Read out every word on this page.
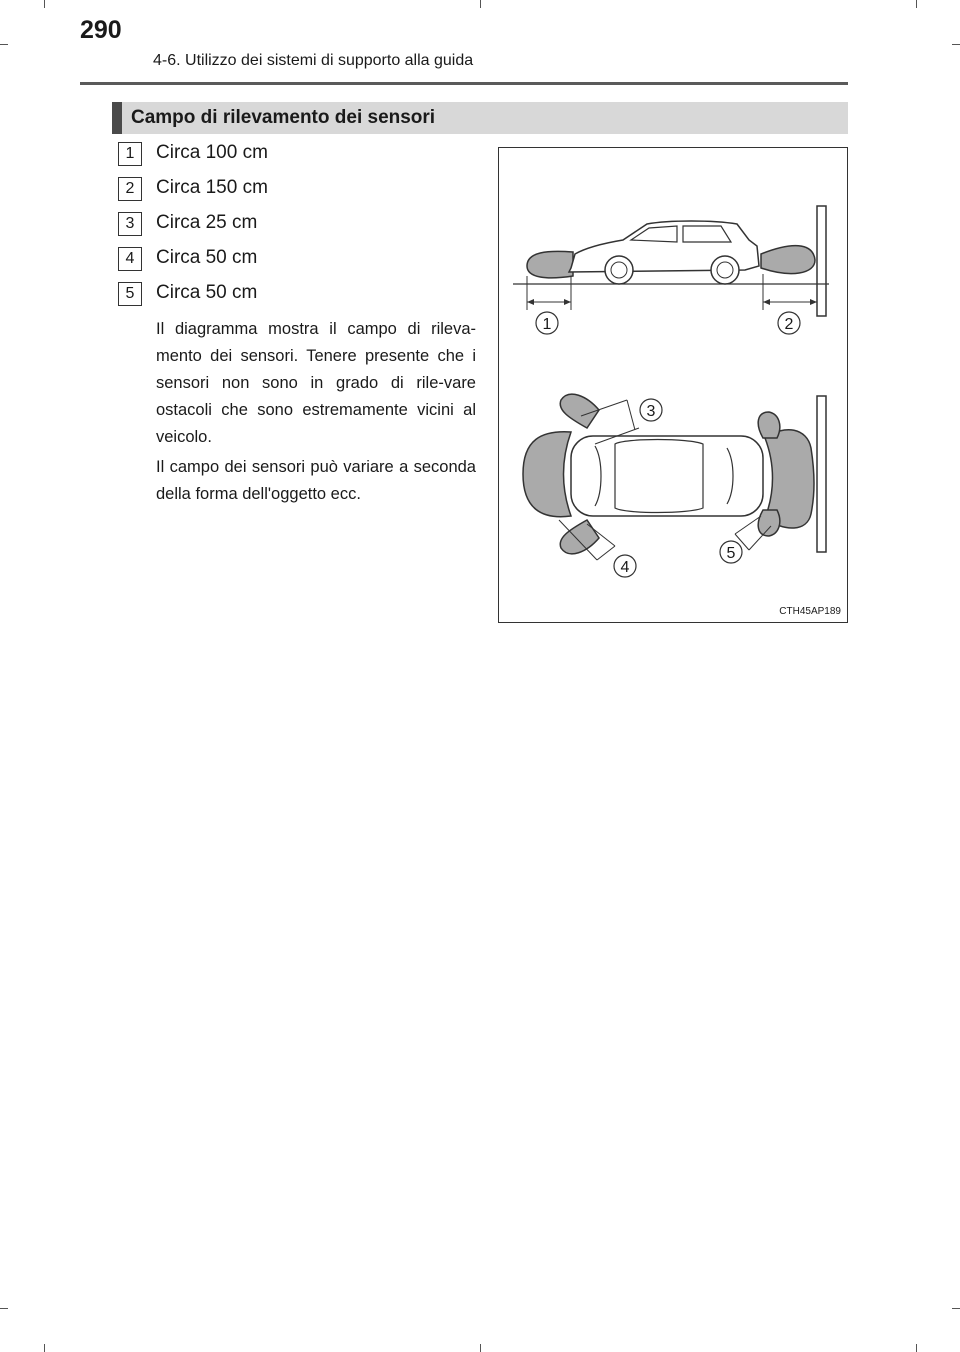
290
4-6. Utilizzo dei sistemi di supporto alla guida
Campo di rilevamento dei sensori
1	Circa 100 cm
2	Circa 150 cm
3	Circa 25 cm
4	Circa 50 cm
5	Circa 50 cm
Il diagramma mostra il campo di rileva-mento dei sensori. Tenere presente che i sensori non sono in grado di rile-vare ostacoli che sono estremamente vicini al veicolo.
Il campo dei sensori può variare a seconda della forma dell'oggetto ecc.
1	2
3
4
5
CTH45AP189
